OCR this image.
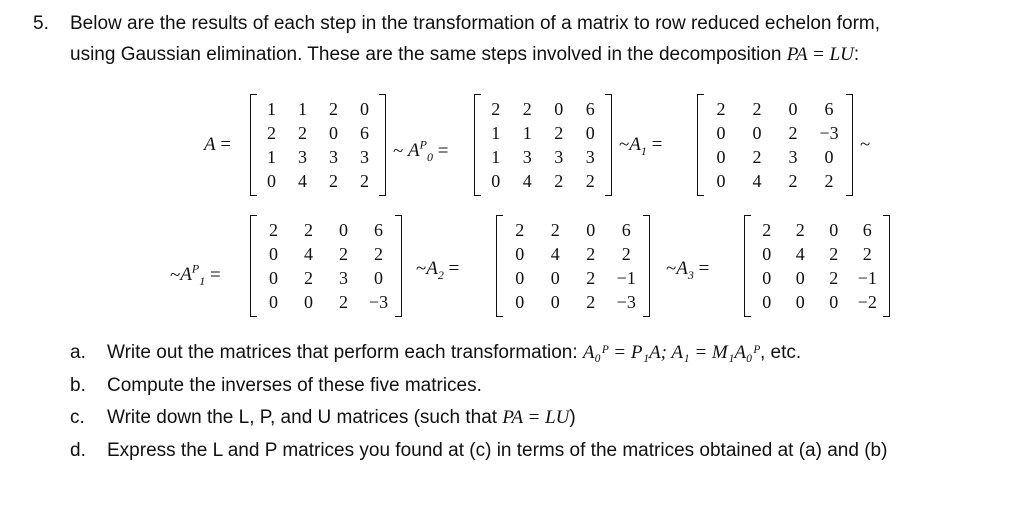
5. Below are the results of each step in the transformation of a matrix to row reduced echelon form,
using Gaussian elimination. These are the same steps involved in the decomposition PA = LU:
A =
1	1	2	0
2	2	0	6
1	3	3	3
0	4	2	2
~ $A^P_0$ =
2	2	0	6
1	1	2	0
1	3	3	3
0	4	2	2
$\sim A_1$ =
2	2	0	6
0	0	2	−3
0	2	3	0
0	4	2	2
~
$\sim A^P_1$ =
2	2	0	6
0	4	2	2
0	2	3	0
0	0	2	−3
$\sim A_2$ =
2	2	0	6
0	4	2	2
0	0	2	−1
0	0	2	−3
$\sim A_3$ =
2	2	0	6
0	4	2	2
0	0	2	−1
0	0	0	−2
a. Write out the matrices that perform each transformation: A₀ᴾ = P₁A; A₁ = M₁A₀ᴾ, etc.
b. Compute the inverses of these five matrices.
c. Write down the L, P, and U matrices (such that PA = LU)
d. Express the L and P matrices you found at (c) in terms of the matrices obtained at (a) and (b)
